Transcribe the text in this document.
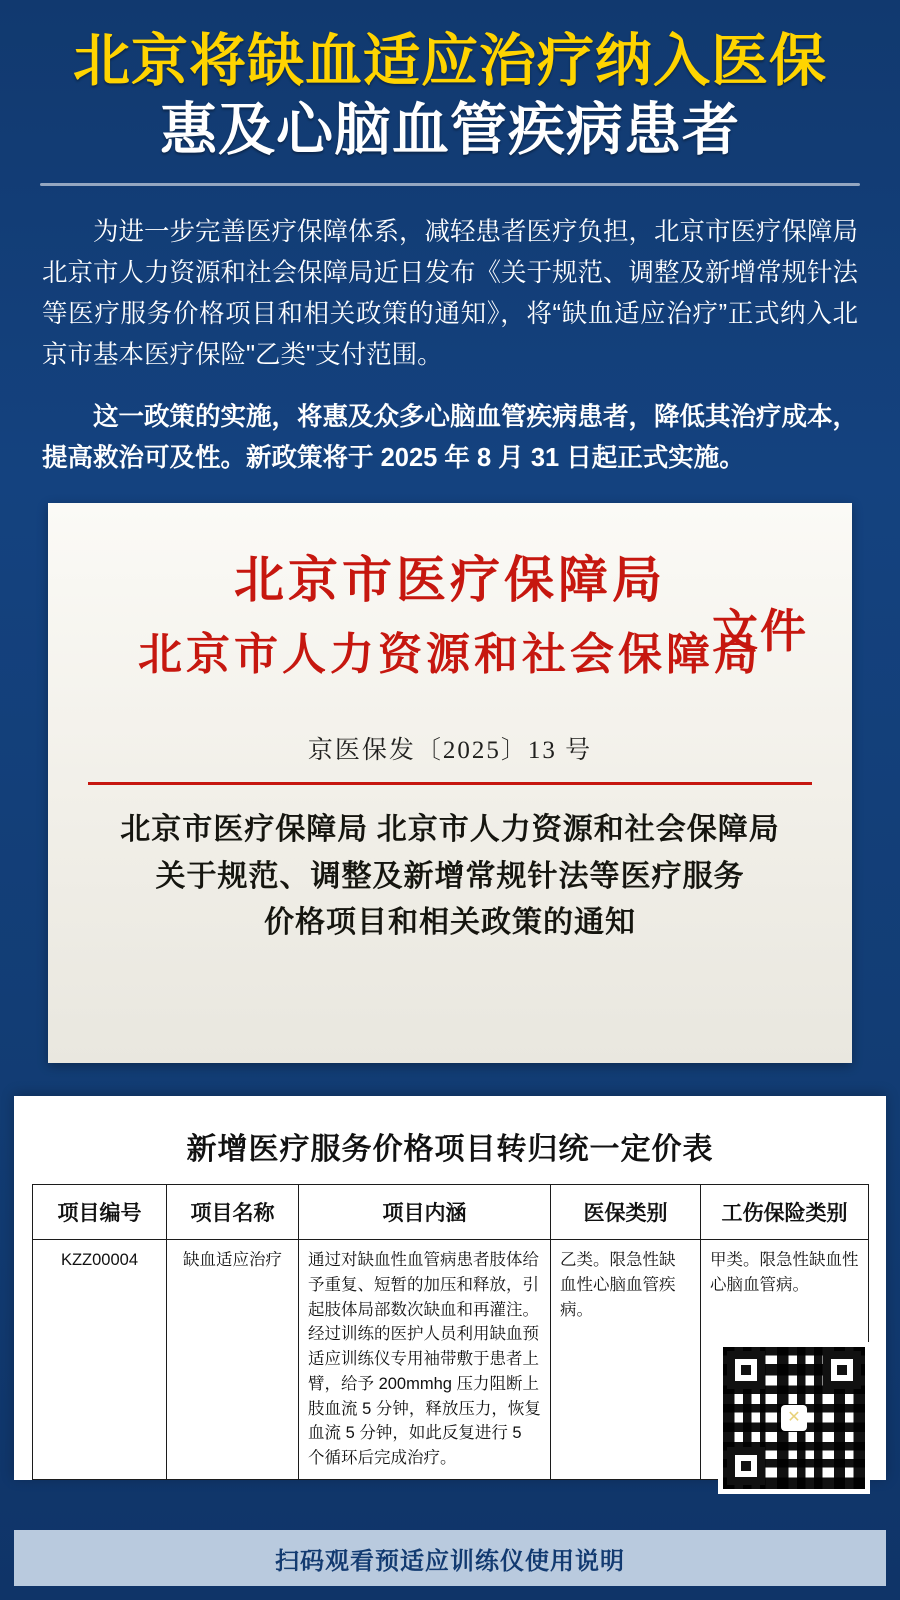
北京将缺血适应治疗纳入医保
惠及心脑血管疾病患者

为进一步完善医疗保障体系，减轻患者医疗负担，北京市医疗保障局北京市人力资源和社会保障局近日发布《关于规范、调整及新增常规针法等医疗服务价格项目和相关政策的通知》，将“缺血适应治疗”正式纳入北京市基本医疗保险"乙类"支付范围。

这一政策的实施，将惠及众多心脑血管疾病患者，降低其治疗成本，提高救治可及性。新政策将于 2025 年 8 月 31 日起正式实施。

北京市医疗保障局
北京市人力资源和社会保障局
文件
京医保发〔2025〕13 号
北京市医疗保障局 北京市人力资源和社会保障局
关于规范、调整及新增常规针法等医疗服务
价格项目和相关政策的通知
新增医疗服务价格项目转归统一定价表
项目编号	项目名称	项目内涵	医保类别	工伤保险类别
KZZ00004	缺血适应治疗	通过对缺血性血管病患者肢体给予重复、短暂的加压和释放，引起肢体局部数次缺血和再灌注。经过训练的医护人员利用缺血预适应训练仪专用袖带敷于患者上臂，给予 200mmhg 压力阻断上肢血流 5 分钟，释放压力，恢复血流 5 分钟，如此反复进行 5 个循环后完成治疗。	乙类。限急性缺血性心脑血管疾病。	甲类。限急性缺血性心脑血管病。
✕
扫码观看预适应训练仪使用说明
